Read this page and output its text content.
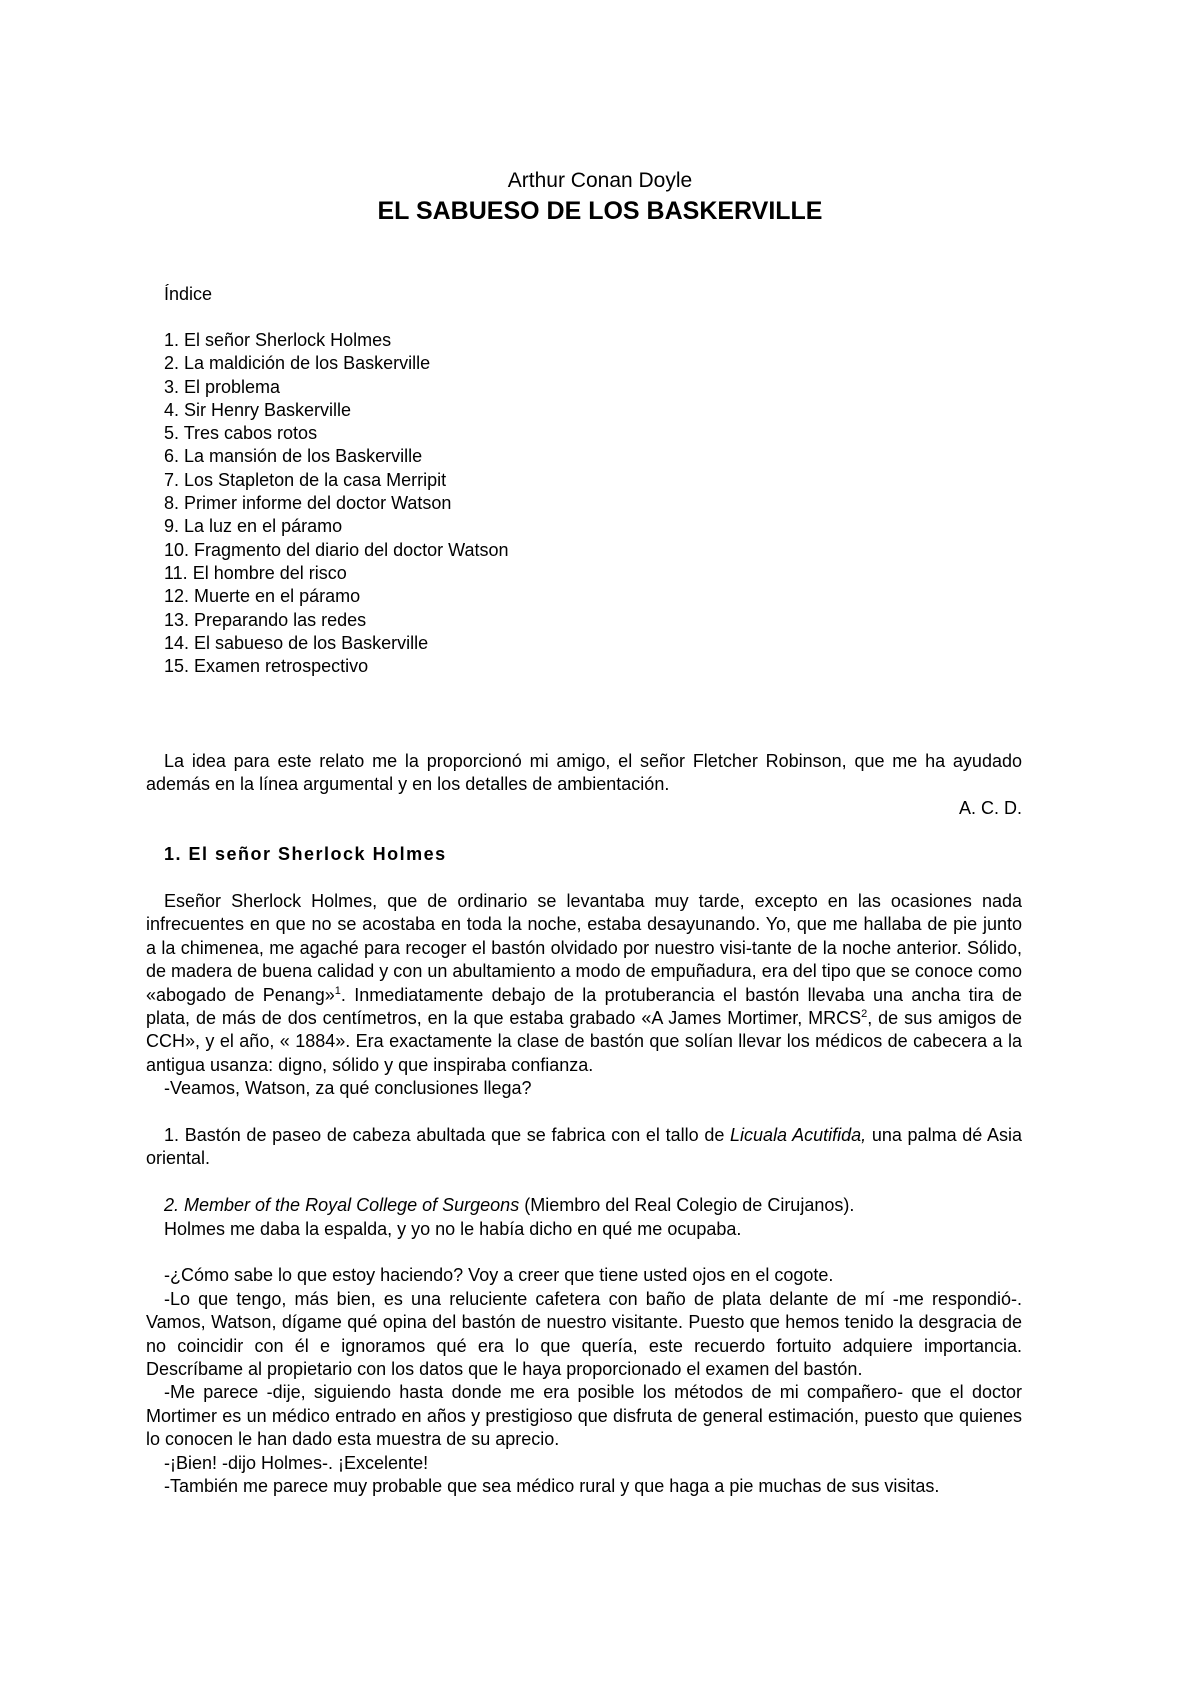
Arthur Conan Doyle
EL SABUESO DE LOS BASKERVILLE
Índice
1. El señor Sherlock Holmes
2. La maldición de los Baskerville
3. El problema
4. Sir Henry Baskerville
5. Tres cabos rotos
6. La mansión de los Baskerville
7. Los Stapleton de la casa Merripit
8. Primer informe del doctor Watson
9. La luz en el páramo
10. Fragmento del diario del doctor Watson
11. El hombre del risco
12. Muerte en el páramo
13. Preparando las redes
14. El sabueso de los Baskerville
15. Examen retrospectivo

La idea para este relato me la proporcionó mi amigo, el señor Fletcher Robinson, que me ha ayudado además en la línea argumental y en los detalles de ambientación.

A. C. D.
1. El señor Sherlock Holmes

Eseñor Sherlock Holmes, que de ordinario se levantaba muy tarde, excepto en las ocasiones nada infrecuentes en que no se acostaba en toda la noche, estaba desayunando. Yo, que me hallaba de pie junto a la chimenea, me agaché para recoger el bastón olvidado por nuestro visi-tante de la noche anterior. Sólido, de madera de buena calidad y con un abultamiento a modo de empuñadura, era del tipo que se conoce como «abogado de Penang»$^1$. Inmediatamente debajo de la protuberancia el bastón llevaba una ancha tira de plata, de más de dos centímetros, en la que estaba grabado «A James Mortimer, MRCS$^2$, de sus amigos de CCH», y el año, « 1884». Era exactamente la clase de bastón que solían llevar los médicos de cabecera a la antigua usanza: digno, sólido y que inspiraba confianza.

-Veamos, Watson, za qué conclusiones llega?

1. Bastón de paseo de cabeza abultada que se fabrica con el tallo de Licuala Acutifida, una palma dé Asia oriental.

2. Member of the Royal College of Surgeons (Miembro del Real Colegio de Cirujanos).

Holmes me daba la espalda, y yo no le había dicho en qué me ocupaba.

-¿Cómo sabe lo que estoy haciendo? Voy a creer que tiene usted ojos en el cogote.

-Lo que tengo, más bien, es una reluciente cafetera con baño de plata delante de mí -me respondió-. Vamos, Watson, dígame qué opina del bastón de nuestro visitante. Puesto que hemos tenido la desgracia de no coincidir con él e ignoramos qué era lo que quería, este recuerdo fortuito adquiere importancia. Descríbame al propietario con los datos que le haya proporcionado el examen del bastón.

-Me parece -dije, siguiendo hasta donde me era posible los métodos de mi compañero- que el doctor Mortimer es un médico entrado en años y prestigioso que disfruta de general estimación, puesto que quienes lo conocen le han dado esta muestra de su aprecio.

-¡Bien! -dijo Holmes-. ¡Excelente!

-También me parece muy probable que sea médico rural y que haga a pie muchas de sus visitas.
